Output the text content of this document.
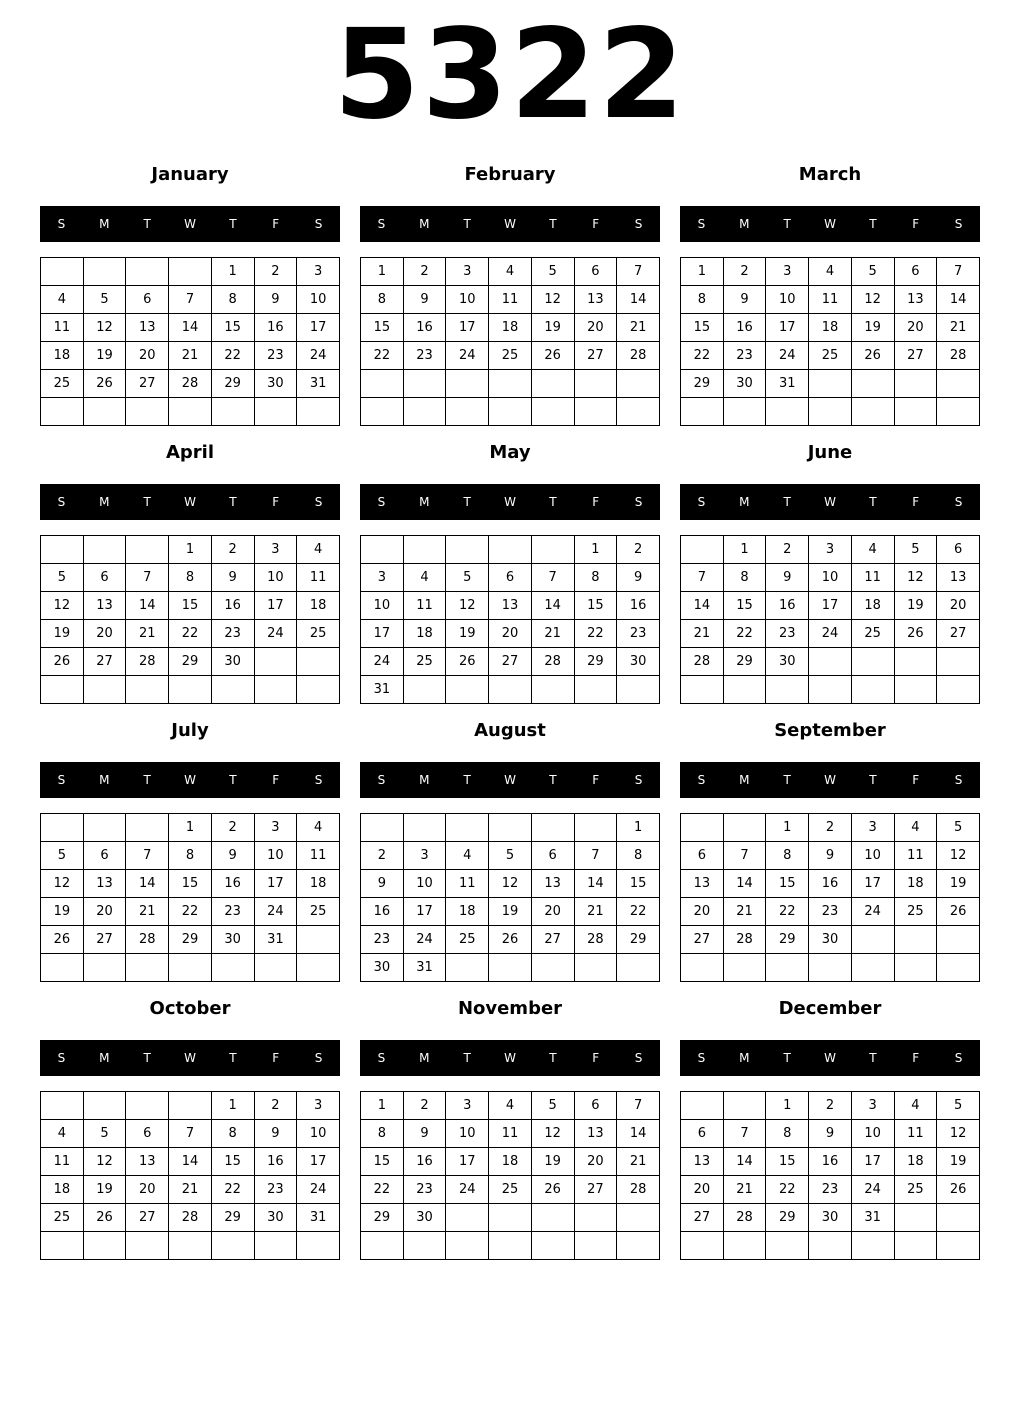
5322
January
S	M	T	W	T	F	S
				1	2	3
4	5	6	7	8	9	10
11	12	13	14	15	16	17
18	19	20	21	22	23	24
25	26	27	28	29	30	31

February
S	M	T	W	T	F	S
1	2	3	4	5	6	7
8	9	10	11	12	13	14
15	16	17	18	19	20	21
22	23	24	25	26	27	28

March
S	M	T	W	T	F	S
1	2	3	4	5	6	7
8	9	10	11	12	13	14
15	16	17	18	19	20	21
22	23	24	25	26	27	28
29	30	31				

April
S	M	T	W	T	F	S
			1	2	3	4
5	6	7	8	9	10	11
12	13	14	15	16	17	18
19	20	21	22	23	24	25
26	27	28	29	30		

May
S	M	T	W	T	F	S
					1	2
3	4	5	6	7	8	9
10	11	12	13	14	15	16
17	18	19	20	21	22	23
24	25	26	27	28	29	30
31						
June
S	M	T	W	T	F	S
	1	2	3	4	5	6
7	8	9	10	11	12	13
14	15	16	17	18	19	20
21	22	23	24	25	26	27
28	29	30				

July
S	M	T	W	T	F	S
			1	2	3	4
5	6	7	8	9	10	11
12	13	14	15	16	17	18
19	20	21	22	23	24	25
26	27	28	29	30	31	

August
S	M	T	W	T	F	S
						1
2	3	4	5	6	7	8
9	10	11	12	13	14	15
16	17	18	19	20	21	22
23	24	25	26	27	28	29
30	31					
September
S	M	T	W	T	F	S
		1	2	3	4	5
6	7	8	9	10	11	12
13	14	15	16	17	18	19
20	21	22	23	24	25	26
27	28	29	30			

October
S	M	T	W	T	F	S
				1	2	3
4	5	6	7	8	9	10
11	12	13	14	15	16	17
18	19	20	21	22	23	24
25	26	27	28	29	30	31

November
S	M	T	W	T	F	S
1	2	3	4	5	6	7
8	9	10	11	12	13	14
15	16	17	18	19	20	21
22	23	24	25	26	27	28
29	30					

December
S	M	T	W	T	F	S
		1	2	3	4	5
6	7	8	9	10	11	12
13	14	15	16	17	18	19
20	21	22	23	24	25	26
27	28	29	30	31		
